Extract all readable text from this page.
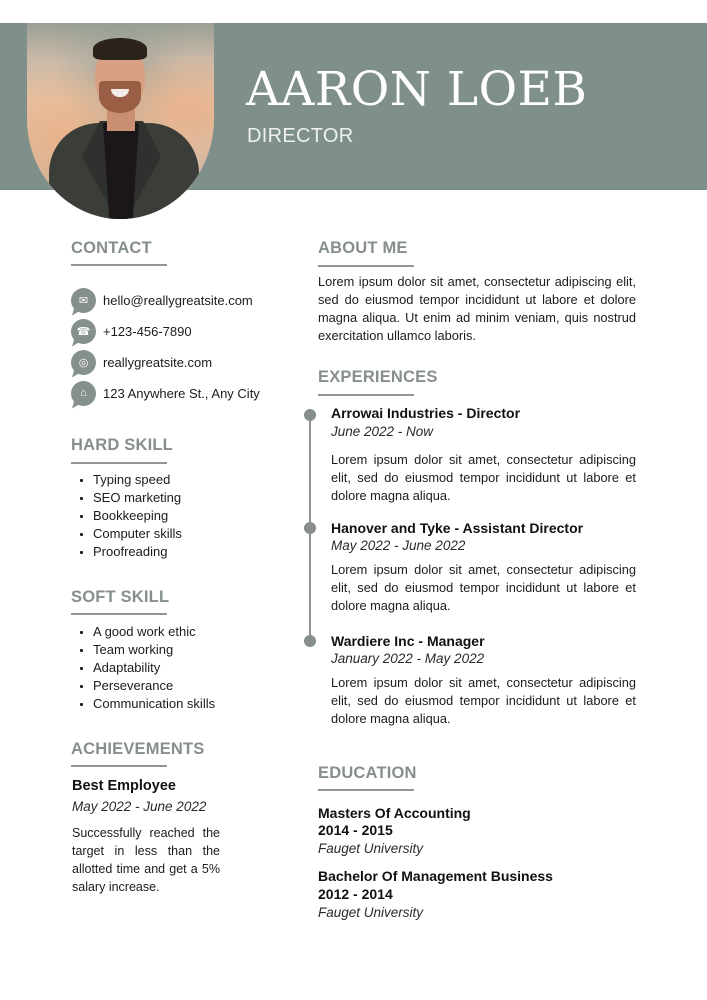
AARON LOEB
DIRECTOR
CONTACT
✉	hello@reallygreatsite.com
☎ +123-456-7890
◎	reallygreatsite.com
⌂	123 Anywhere St., Any City
HARD SKILL
Typing speed
SEO marketing
Bookkeeping
Computer skills
Proofreading
SOFT SKILL
A good work ethic
Team working
Adaptability
Perseverance
Communication skills
ACHIEVEMENTS
Best Employee
May 2022 - June 2022
Successfully reached the target in less than the allotted time and get a 5% salary increase.
ABOUT ME
Lorem ipsum dolor sit amet, consectetur adipiscing elit, sed do eiusmod tempor incididunt ut labore et dolore magna aliqua. Ut enim ad minim veniam, quis nostrud exercitation ullamco laboris.
EXPERIENCES
Arrowai Industries - Director
June 2022 - Now
Lorem ipsum dolor sit amet, consectetur adipiscing elit, sed do eiusmod tempor incididunt ut labore et dolore magna aliqua.
Hanover and Tyke - Assistant Director
May 2022 - June 2022
Lorem ipsum dolor sit amet, consectetur adipiscing elit, sed do eiusmod tempor incididunt ut labore et dolore magna aliqua.
Wardiere Inc - Manager
January 2022 - May 2022
Lorem ipsum dolor sit amet, consectetur adipiscing elit, sed do eiusmod tempor incididunt ut labore et dolore magna aliqua.
EDUCATION
Masters Of Accounting
2014 - 2015
Fauget University
Bachelor Of Management Business
2012 - 2014
Fauget University
